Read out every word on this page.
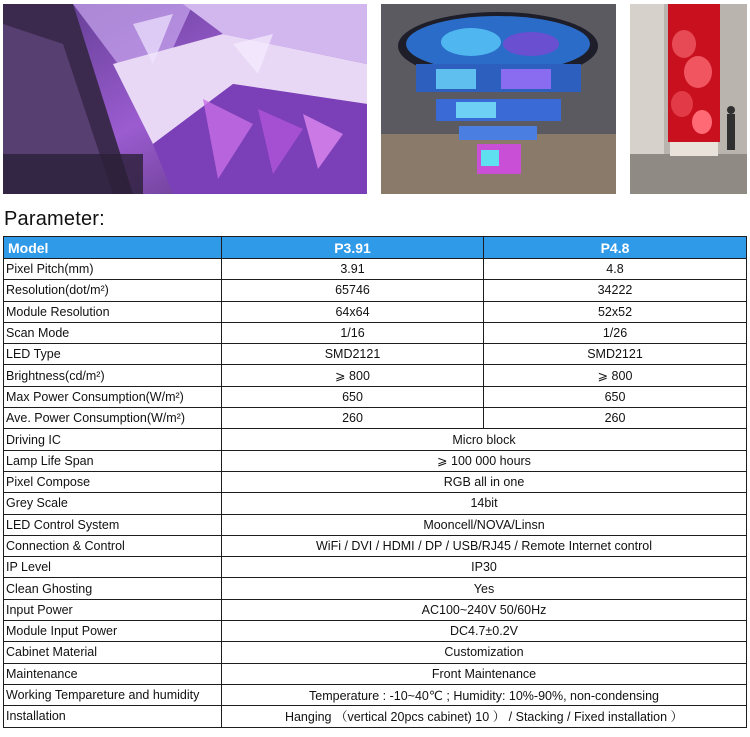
Parameter:
Model	P3.91	P4.8
Pixel Pitch(mm)	3.91	4.8
Resolution(dot/m²)	65746	34222
Module Resolution	64x64	52x52
Scan Mode	1/16	1/26
LED Type	SMD2121	SMD2121
Brightness(cd/m²)	⩾ 800	⩾ 800
Max Power Consumption(W/m²)	650	650
Ave. Power Consumption(W/m²)	260	260
Driving IC	Micro block	
Lamp Life Span	⩾ 100 000 hours	
Pixel Compose	RGB all in one	
Grey Scale	14bit	
LED Control System	Mooncell/NOVA/Linsn	
Connection & Control	WiFi / DVI / HDMI / DP / USB/RJ45 / Remote Internet control	
IP Level	IP30	
Clean Ghosting	Yes	
Input Power	AC100~240V 50/60Hz	
Module Input Power	DC4.7±0.2V	
Cabinet Material	Customization	
Maintenance	Front Maintenance	
Working Tempareture and humidity	Temperature : -10~40℃ ; Humidity: 10%-90%, non-condensing	
Installation	Hanging （vertical 20pcs cabinet) 10 ） / Stacking / Fixed installation ）	
